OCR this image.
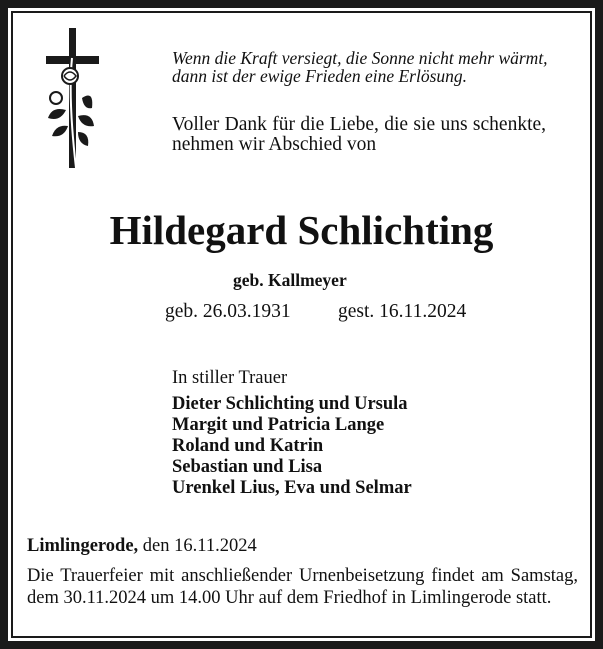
Wenn die Kraft versiegt, die Sonne nicht mehr wärmt,
dann ist der ewige Frieden eine Erlösung.
Voller Dank für die Liebe, die sie uns schenkte,
nehmen wir Abschied von
Hildegard Schlichting
geb. Kallmeyer
geb. 26.03.1931 gest. 16.11.2024
In stiller Trauer
Dieter Schlichting und Ursula
Margit und Patricia Lange
Roland und Katrin
Sebastian und Lisa
Urenkel Lius, Eva und Selmar
Limlingerode, den 16.11.2024
Die Trauerfeier mit anschließender Urnenbeisetzung findet am Samstag, dem 30.11.2024 um 14.00 Uhr auf dem Friedhof in Limlingerode statt.
